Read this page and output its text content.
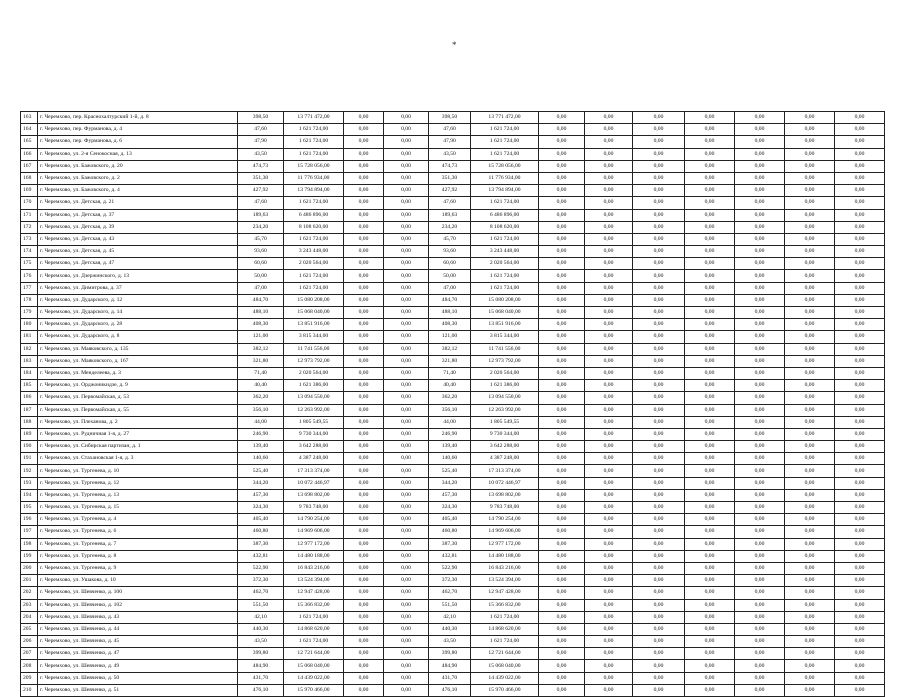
*
163	г. Черемхово, пер. Краснохалтурский 1-й, д. 8	398,50	13 771 472,00	0,00	0,00	398,50	13 771 472,00	0,00	0,00	0,00	0,00	0,00	0,00	0,00
164	г. Черемхово, пер. Фурманова, д. 4	47,60	1 621 724,00	0,00	0,00	47,60	1 621 724,00	0,00	0,00	0,00	0,00	0,00	0,00	0,00
165	г. Черемхово, пер. Фурманова, д. 6	47,90	1 621 724,00	0,00	0,00	47,90	1 621 724,00	0,00	0,00	0,00	0,00	0,00	0,00	0,00
166	г. Черемхово, ул. 2-я Сенокосная, д. 13	43,50	1 621 724,00	0,00	0,00	43,50	1 621 724,00	0,00	0,00	0,00	0,00	0,00	0,00	0,00
167	г. Черемхово, ул. Бажовского, д. 20	474,73	15 728 056,00	0,00	0,00	474,73	15 728 056,00	0,00	0,00	0,00	0,00	0,00	0,00	0,00
168	г. Черемхово, ул. Бажовского, д. 2	351,30	11 776 934,00	0,00	0,00	351,30	11 776 934,00	0,00	0,00	0,00	0,00	0,00	0,00	0,00
169	г. Черемхово, ул. Бажовского, д. 4	427,92	13 794 894,00	0,00	0,00	427,92	13 794 894,00	0,00	0,00	0,00	0,00	0,00	0,00	0,00
170	г. Черемхово, ул. Детская, д. 21	47,60	1 621 724,00	0,00	0,00	47,60	1 621 724,00	0,00	0,00	0,00	0,00	0,00	0,00	0,00
171	г. Черемхово, ул. Детская, д. 37	189,63	6 486 896,00	0,00	0,00	189,63	6 486 896,00	0,00	0,00	0,00	0,00	0,00	0,00	0,00
172	г. Черемхово, ул. Детская, д. 39	234,20	8 108 620,00	0,00	0,00	234,20	8 108 620,00	0,00	0,00	0,00	0,00	0,00	0,00	0,00
173	г. Черемхово, ул. Детская, д. 43	45,70	1 621 724,00	0,00	0,00	45,70	1 621 724,00	0,00	0,00	0,00	0,00	0,00	0,00	0,00
174	г. Черемхово, ул. Детская, д. 45	93,60	3 243 448,00	0,00	0,00	93,60	3 243 448,00	0,00	0,00	0,00	0,00	0,00	0,00	0,00
175	г. Черемхово, ул. Детская, д. 47	60,60	2 020 564,00	0,00	0,00	60,60	2 020 564,00	0,00	0,00	0,00	0,00	0,00	0,00	0,00
176	г. Черемхово, ул. Дзержинского, д. 13	50,00	1 621 724,00	0,00	0,00	50,00	1 621 724,00	0,00	0,00	0,00	0,00	0,00	0,00	0,00
177	г. Черемхово, ул. Димитрова, д. 37	47,00	1 621 724,00	0,00	0,00	47,00	1 621 724,00	0,00	0,00	0,00	0,00	0,00	0,00	0,00
178	г. Черемхово, ул. Дударского, д. 12	484,70	15 080 208,00	0,00	0,00	484,70	15 080 208,00	0,00	0,00	0,00	0,00	0,00	0,00	0,00
179	г. Черемхово, ул. Дударского, д. 14	488,10	15 068 040,00	0,00	0,00	488,10	15 068 040,00	0,00	0,00	0,00	0,00	0,00	0,00	0,00
180	г. Черемхово, ул. Дударского, д. 28	408,30	13 851 916,00	0,00	0,00	408,30	13 851 916,00	0,00	0,00	0,00	0,00	0,00	0,00	0,00
181	г. Черемхово, ул. Дударского, д. 8	121,00	3 815 344,00	0,00	0,00	121,00	3 815 344,00	0,00	0,00	0,00	0,00	0,00	0,00	0,00
182	г. Черемхово, ул. Маяковского, д. 135	382,12	11 741 556,00	0,00	0,00	382,12	11 741 556,00	0,00	0,00	0,00	0,00	0,00	0,00	0,00
183	г. Черемхово, ул. Маяковского, д. 167	321,80	12 973 792,00	0,00	0,00	321,80	12 973 792,00	0,00	0,00	0,00	0,00	0,00	0,00	0,00
184	г. Черемхово, ул. Менделеева, д. 3	71,40	2 020 564,00	0,00	0,00	71,40	2 020 564,00	0,00	0,00	0,00	0,00	0,00	0,00	0,00
185	г. Черемхово, ул. Орджоникидзе, д. 9	40,40	1 621 386,00	0,00	0,00	40,40	1 621 386,00	0,00	0,00	0,00	0,00	0,00	0,00	0,00
186	г. Черемхово, ул. Первомайская, д. 53	362,20	13 094 550,00	0,00	0,00	362,20	13 094 550,00	0,00	0,00	0,00	0,00	0,00	0,00	0,00
187	г. Черемхово, ул. Первомайская, д. 55	356,10	12 263 992,00	0,00	0,00	356,10	12 263 992,00	0,00	0,00	0,00	0,00	0,00	0,00	0,00
188	г. Черемхово, ул. Плеханова, д. 2	44,00	1 805 549,55	0,00	0,00	44,00	1 805 549,55	0,00	0,00	0,00	0,00	0,00	0,00	0,00
189	г. Черемхово, ул. Рудничная 1-я, д. 27	246,90	9 730 344,00	0,00	0,00	246,90	9 730 344,00	0,00	0,00	0,00	0,00	0,00	0,00	0,00
190	г. Черемхово, ул. Сибирская партизан, д. 1	139,40	3 642 288,00	0,00	0,00	139,40	3 642 288,00	0,00	0,00	0,00	0,00	0,00	0,00	0,00
191	г. Черемхово, ул. Стахановская 1-я, д. 3	140,60	4 387 248,00	0,00	0,00	140,60	4 387 248,00	0,00	0,00	0,00	0,00	0,00	0,00	0,00
192	г. Черемхово, ул. Тургенева, д. 10	525,40	17 313 374,00	0,00	0,00	525,40	17 313 374,00	0,00	0,00	0,00	0,00	0,00	0,00	0,00
193	г. Черемхово, ул. Тургенева, д. 12	344,20	10 072 446,97	0,00	0,00	344,20	10 072 446,97	0,00	0,00	0,00	0,00	0,00	0,00	0,00
194	г. Черемхово, ул. Тургенева, д. 13	457,30	13 698 802,00	0,00	0,00	457,30	13 698 802,00	0,00	0,00	0,00	0,00	0,00	0,00	0,00
195	г. Черемхово, ул. Тургенева, д. 15	324,30	9 783 748,00	0,00	0,00	324,30	9 783 748,00	0,00	0,00	0,00	0,00	0,00	0,00	0,00
196	г. Черемхово, ул. Тургенева, д. 4	405,40	14 790 254,00	0,00	0,00	405,40	14 790 254,00	0,00	0,00	0,00	0,00	0,00	0,00	0,00
197	г. Черемхово, ул. Тургенева, д. 6	460,80	14 969 606,00	0,00	0,00	460,80	14 969 606,00	0,00	0,00	0,00	0,00	0,00	0,00	0,00
198	г. Черемхово, ул. Тургенева, д. 7	387,30	12 977 172,00	0,00	0,00	387,30	12 977 172,00	0,00	0,00	0,00	0,00	0,00	0,00	0,00
199	г. Черемхово, ул. Тургенева, д. 8	432,81	14 480 188,00	0,00	0,00	432,81	14 480 188,00	0,00	0,00	0,00	0,00	0,00	0,00	0,00
200	г. Черемхово, ул. Тургенева, д. 9	522,90	16 843 216,00	0,00	0,00	522,90	16 843 216,00	0,00	0,00	0,00	0,00	0,00	0,00	0,00
201	г. Черемхово, ул. Ушакова, д. 10	372,30	13 524 394,00	0,00	0,00	372,30	13 524 394,00	0,00	0,00	0,00	0,00	0,00	0,00	0,00
202	г. Черемхово, ул. Шевченко, д. 100	462,70	12 947 428,00	0,00	0,00	462,70	12 947 428,00	0,00	0,00	0,00	0,00	0,00	0,00	0,00
203	г. Черемхово, ул. Шевченко, д. 102	551,50	15 366 832,00	0,00	0,00	551,50	15 366 832,00	0,00	0,00	0,00	0,00	0,00	0,00	0,00
204	г. Черемхово, ул. Шевченко, д. 43	42,10	1 621 724,00	0,00	0,00	42,10	1 621 724,00	0,00	0,00	0,00	0,00	0,00	0,00	0,00
205	г. Черемхово, ул. Шевченко, д. 44	440,30	14 868 620,00	0,00	0,00	440,30	14 868 620,00	0,00	0,00	0,00	0,00	0,00	0,00	0,00
206	г. Черемхово, ул. Шевченко, д. 45	43,50	1 621 724,00	0,00	0,00	43,50	1 621 724,00	0,00	0,00	0,00	0,00	0,00	0,00	0,00
207	г. Черемхово, ул. Шевченко, д. 47	399,80	12 721 644,00	0,00	0,00	399,80	12 721 644,00	0,00	0,00	0,00	0,00	0,00	0,00	0,00
208	г. Черемхово, ул. Шевченко, д. 49	484,90	15 068 040,00	0,00	0,00	484,90	15 068 040,00	0,00	0,00	0,00	0,00	0,00	0,00	0,00
209	г. Черемхово, ул. Шевченко, д. 50	431,70	14 439 022,00	0,00	0,00	431,70	14 439 022,00	0,00	0,00	0,00	0,00	0,00	0,00	0,00
210	г. Черемхово, ул. Шевченко, д. 51	476,10	15 970 466,00	0,00	0,00	476,10	15 970 466,00	0,00	0,00	0,00	0,00	0,00	0,00	0,00
